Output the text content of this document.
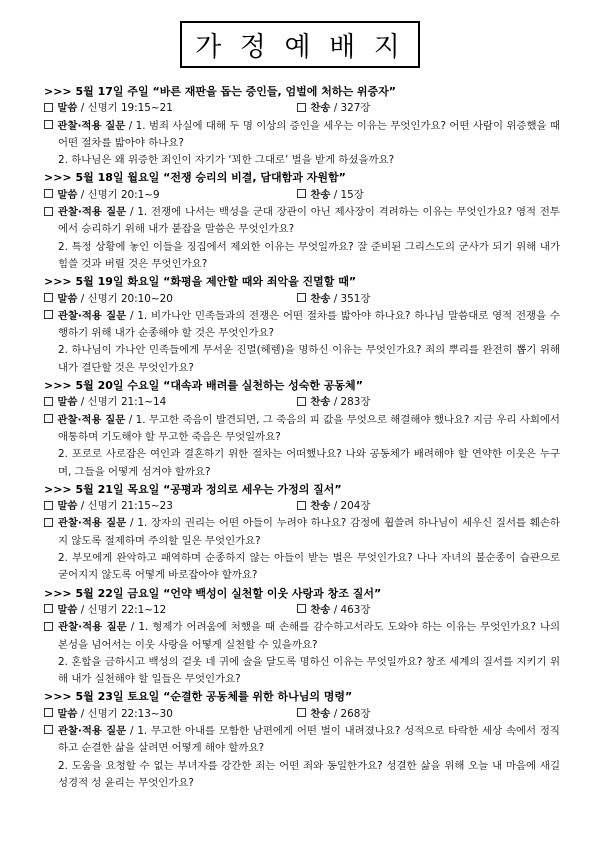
가 정 예 배 지
>>> 5월 17일 주일 “바른 재판을 돕는 증인들, 엄벌에 처하는 위증자”
말씀 / 신명기 19:15~21	찬송 / 327장

관찰·적용 질문 / 1. 범죄 사실에 대해 두 명 이상의 증인을 세우는 이유는 무엇인가요? 어떤 사람이 위증했을 때 어떤 절차를 밟아야 하나요?

2. 하나님은 왜 위증한 죄인이 자기가 ‘꾀한 그대로’ 벌을 받게 하셨을까요?

>>> 5월 18일 월요일 “전쟁 승리의 비결, 담대함과 자원함”
말씀 / 신명기 20:1~9	찬송 / 15장

관찰·적용 질문 / 1. 전쟁에 나서는 백성을 군대 장관이 아닌 제사장이 격려하는 이유는 무엇인가요? 영적 전투에서 승리하기 위해 내가 붙잡을 말씀은 무엇인가요?

2. 특정 상황에 놓인 이들을 징집에서 제외한 이유는 무엇일까요? 잘 준비된 그리스도의 군사가 되기 위해 내가 힘쓸 것과 버릴 것은 무엇인가요?

>>> 5월 19일 화요일 “화평을 제안할 때와 죄악을 진멸할 때”
말씀 / 신명기 20:10~20	찬송 / 351장

관찰·적용 질문 / 1. 비가나안 민족들과의 전쟁은 어떤 절차를 밟아야 하나요? 하나님 말씀대로 영적 전쟁을 수행하기 위해 내가 순종해야 할 것은 무엇인가요?

2. 하나님이 가나안 민족들에게 무서운 진멸(헤렘)을 명하신 이유는 무엇인가요? 죄의 뿌리를 완전히 뽑기 위해 내가 결단할 것은 무엇인가요?

>>> 5월 20일 수요일 “대속과 배려를 실천하는 성숙한 공동체”
말씀 / 신명기 21:1~14	찬송 / 283장

관찰·적용 질문 / 1. 무고한 죽음이 발견되면, 그 죽음의 피 값을 무엇으로 해결해야 했나요? 지금 우리 사회에서 애통하며 기도해야 할 무고한 죽음은 무엇일까요?

2. 포로로 사로잡은 여인과 결혼하기 위한 절차는 어떠했나요? 나와 공동체가 배려해야 할 연약한 이웃은 누구며, 그들을 어떻게 섬겨야 할까요?

>>> 5월 21일 목요일 “공평과 정의로 세우는 가정의 질서”
말씀 / 신명기 21:15~23	찬송 / 204장

관찰·적용 질문 / 1. 장자의 권리는 어떤 아들이 누려야 하나요? 감정에 휩쓸려 하나님이 세우신 질서를 훼손하지 않도록 절제하며 주의할 일은 무엇인가요?

2. 부모에게 완악하고 패역하며 순종하지 않는 아들이 받는 벌은 무엇인가요? 나나 자녀의 불순종이 습관으로 굳어지지 않도록 어떻게 바로잡아야 할까요?

>>> 5월 22일 금요일 “언약 백성이 실천할 이웃 사랑과 창조 질서”
말씀 / 신명기 22:1~12	찬송 / 463장

관찰·적용 질문 / 1. 형제가 어려움에 처했을 때 손해를 감수하고서라도 도와야 하는 이유는 무엇인가요? 나의 본성을 넘어서는 이웃 사랑을 어떻게 실천할 수 있을까요?

2. 혼합을 금하시고 백성의 겉옷 네 귀에 술을 달도록 명하신 이유는 무엇일까요? 창조 세계의 질서를 지키기 위해 내가 실천해야 할 일들은 무엇인가요?

>>> 5월 23일 토요일 “순결한 공동체를 위한 하나님의 명령”
말씀 / 신명기 22:13~30	찬송 / 268장

관찰·적용 질문 / 1. 무고한 아내를 모함한 남편에게 어떤 벌이 내려졌나요? 성적으로 타락한 세상 속에서 정직하고 순결한 삶을 살려면 어떻게 해야 할까요?

2. 도움을 요청할 수 없는 부녀자를 강간한 죄는 어떤 죄와 동일한가요? 성결한 삶을 위해 오늘 내 마음에 새길 성경적 성 윤리는 무엇인가요?
